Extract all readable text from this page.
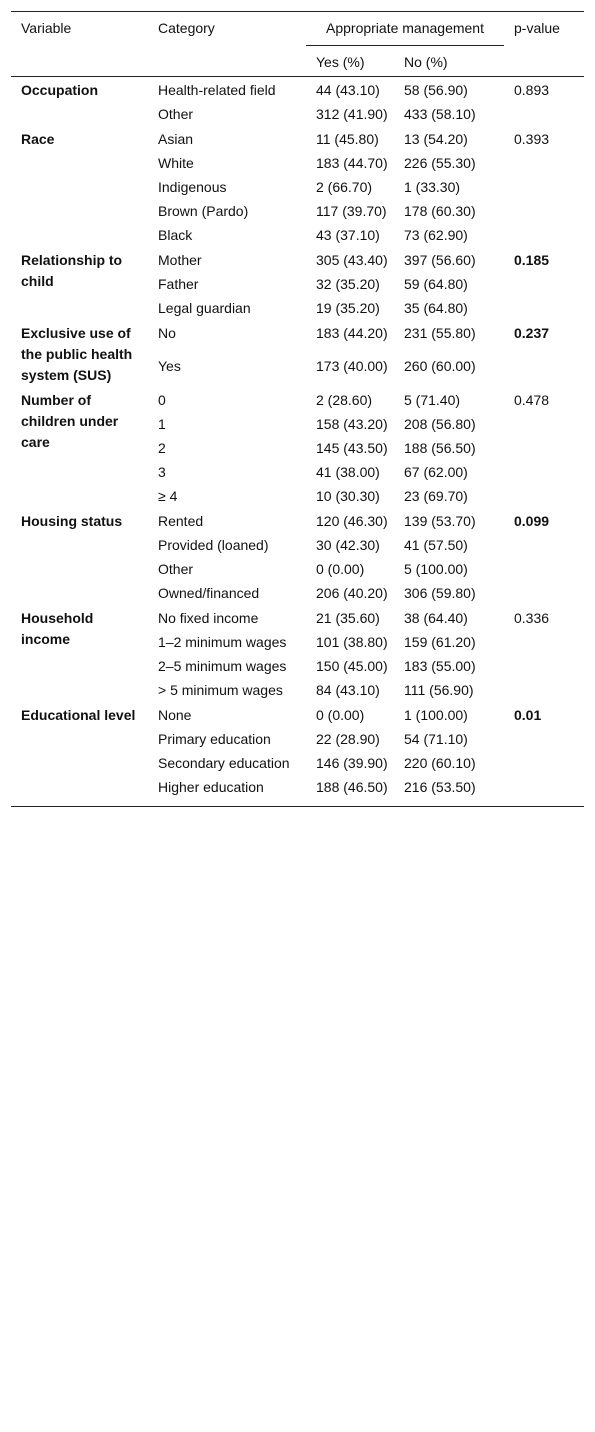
Variable	Category	Appropriate management		p-value
		Yes (%)	No (%)	
Occupation	Health-related field	44 (43.10)	58 (56.90)	0.893
	Other	312 (41.90)	433 (58.10)	
Race	Asian	11 (45.80)	13 (54.20)	0.393
	White	183 (44.70)	226 (55.30)	
	Indigenous	2 (66.70)	1 (33.30)	
	Brown (Pardo)	117 (39.70)	178 (60.30)	
	Black	43 (37.10)	73 (62.90)	
Relationship to child	Mother	305 (43.40)	397 (56.60)	0.185
	Father	32 (35.20)	59 (64.80)	
	Legal guardian	19 (35.20)	35 (64.80)	
Exclusive use of the public health system (SUS)	No	183 (44.20)	231 (55.80)	0.237
	Yes	173 (40.00)	260 (60.00)	
Number of children under care	0	2 (28.60)	5 (71.40)	0.478
	1	158 (43.20)	208 (56.80)	
	2	145 (43.50)	188 (56.50)	
	3	41 (38.00)	67 (62.00)	
	≥ 4	10 (30.30)	23 (69.70)	
Housing status	Rented	120 (46.30)	139 (53.70)	0.099
	Provided (loaned)	30 (42.30)	41 (57.50)	
	Other	0 (0.00)	5 (100.00)	
	Owned/financed	206 (40.20)	306 (59.80)	
Household income	No fixed income	21 (35.60)	38 (64.40)	0.336
	1–2 minimum wages	101 (38.80)	159 (61.20)	
	2–5 minimum wages	150 (45.00)	183 (55.00)	
	> 5 minimum wages	84 (43.10)	111 (56.90)	
Educational level	None	0 (0.00)	1 (100.00)	0.01
	Primary education	22 (28.90)	54 (71.10)	
	Secondary education	146 (39.90)	220 (60.10)	
	Higher education	188 (46.50)	216 (53.50)	
